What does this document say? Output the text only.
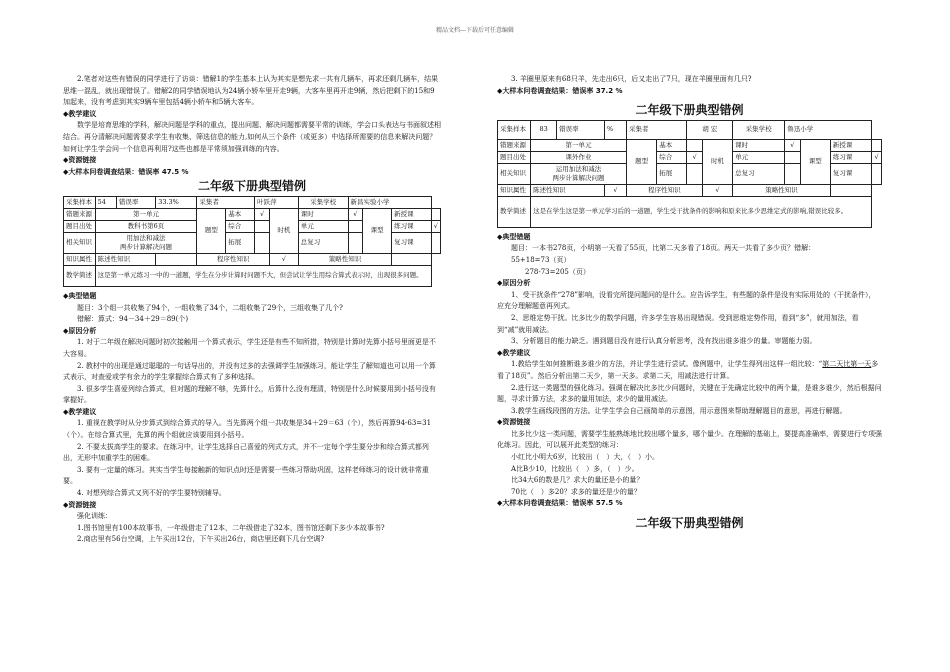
精品文档---下载后可任意编辑

2.笔者对这些有错误的同学进行了访谈：错解1的学生基本上认为其实是想先求一共有几辆车，再求还剩几辆车，结果思维一混乱，就出现错误了。错解2的同学错误地认为24辆小轿车里开走9辆，大客车里再开走9辆，然后把剩下的15和9加起来，没有考虑到其实9辆车里包括4辆小轿车和5辆大客车。

◆教学建议

数学是培育思维的学科，解决问题是学科的重点，提出问题、解决问题都需要平常的训练，学会口头表达与书面叙述相结合。再分清解决问题需要求学生有收集、筛选信息的能力,如何从三个条件（或更多）中选择所需要的信息来解决问题？如何让学生学会问一个信息再利用?这些也都是平常须加强训练的内容。

◆资源链接

◆大样本问卷调查结果：错误率 47.5 %

二年级下册典型错例
采集样本	54	错误率	33.3%	采集者		叶跃萍		采集学校	新昌实验小学			
错题来源	第一单元			题型	基本	√	时机	课时	√	课型	新授课	
题目出处	教科书第6页				综合			单元			练习课	√
相关知识	用加法和减法
两步计算解决问题				拓展			总复习			复习课	
知识属性	陈述性知识			程序性知识			√	策略性知识				
教学简述	这是第一单元练习一中的一道题，学生在分步计算时问题不大，但尝试让学生用综合算式表示时，出现很多问题。											

◆典型错题

题目：3个组一共收集了94个，一组收集了34个，二组收集了29个，三组收集了几个?

错解：算式：94－34＋29＝89(个)

◆原因分析

1. 对于二年级在解决问题时初次接触用一个算式表示，学生还是有些不知所措，特别是计算时先算小括号里面更是不大容易。

2. 教材中的出现是通过聪聪的一句话导出的，并没有过多的去强调学生加强练习，能让学生了解知道也可以用一个算式表示，对查爱或学有余力的学生掌握综合算式有了多种选择。

3. 很多学生喜爱列综合算式，但对题的理解不够，先算什么，后算什么没有理清，特别是什么时候要用到小括号没有掌握好。

◆教学建议

1. 重视在教学时从分步算式到综合算式的导入。当先算两个组一共收集是34＋29＝63（个），然后再算94-63=31（个）。在综合算式里，先算的两个组就应该要用到小括号。

2. 不要太拔高学生的要求。在练习中，让学生选择自己喜爱的列式方式，并不一定每个学生要分步和综合算式都列出，无形中加重学生的困难。

3. 要有一定量的练习。其实当学生每接触新的知识点时还是需要一些练习帮助巩固，这样老师练习的设计就非常重要。

4. 对想列综合算式又列不好的学生要特别辅导。

◆资源链接

强化训练：

1.图书馆里有100本故事书，一年级借走了12本，二年级借走了32本，图书馆还剩下多少本故事书?

2.商店里有56台空调，上午买出12台，下午买出26台，商店里还剩下几台空调?

3. 羊圈里原来有68只羊，先走出6只，后又走出了7只，现在羊圈里面有几只?

◆大样本问卷调查结果：错误率 37.2 %

二年级下册典型错例
采集样本	83	错误率	%	采集者		胡 宏		采集学校	鲁迅小学			
错题来源	第一单元			题型	基本		时机	课时	√	课型	新授课	
题目出处	课外作业				综合	√		单元			练习课	√
相关知识	运用加法和减法
两步计算解决问题				拓展			总复习			复习课	
知识属性	陈述性知识		√	程序性知识			√	策略性知识				
教学简述	这是在学生这是第一单元学习后的一道题，学生受干扰条件的影响和原来比多少思维定式的影响,错误比较多。											

◆典型错题

题目：一本书278页，小明第一天看了55页，比第二天多看了18页。两天一共看了多少页？错解：

55+18=73（页）

278-73=205（页）

◆原因分析

1、受干扰条件“278”影响，没看完所提问题问的是什么。应告诉学生，有些题的条件是没有实际用处的（干扰条件），应充分理解题意再列式。

2、思维定势干扰。比多比少的数学问题，许多学生容易出现错误。受到思维定势作用，看到“多”，就用加法，看到“减”就用减法。

3、分析题目的能力缺乏。遇到题目没有进行认真分析思考，没有找出谁多谁少的量。审题能力弱。

◆教学建议

1.教给学生如何推断谁多谁少的方法，并让学生进行尝试。像例题中，让学生得列出这样一组比较：“第二天比第一天多看了18页”。然后分析出第二天少，第一天多。求第二天，用减法进行计算。

2.进行这一类题型的强化练习。强调在解决比多比少问题时，关键在于先确定比较中的两个量，是谁多谁少，然后根据问题，寻求计算方法，求多的量用加法，求少的量用减法。

3.教学生画线段图的方法。让学生学会自己画简单的示意图，用示意图来帮助理解题目的意思，再进行解题。

◆资源链接

比多比少这一类问题，需要学生能熟练地比较出哪个量多，哪个量少。在理解的基础上，要提高准确率，需要进行专项强化练习。因此，可以展开此类型的练习：

小红比小明大6岁，比较出（　）大，（　）小。

A比B少10，比较出（　）多，（　）少。

比34大6的数是几？求大的量还是小的量？

70比（　）多20？求多的量还是少的量？

◆大样本问卷调查结果：错误率 57.5 %

二年级下册典型错例
